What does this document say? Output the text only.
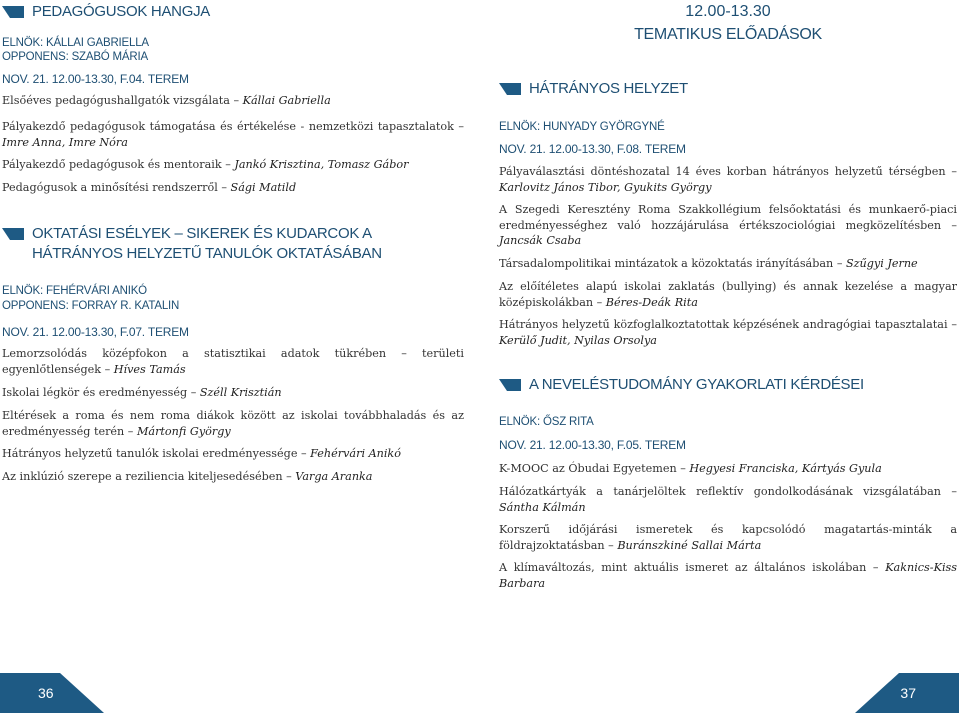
PEDAGÓGUSOK HANGJA
ELNÖK: KÁLLAI GABRIELLA
OPPONENS: SZABÓ MÁRIA
NOV. 21. 12.00-13.30, F.04. TEREM

Elsőéves pedagógushallgatók vizsgálata – Kállai Gabriella

Pályakezdő pedagógusok támogatása és értékelése - nemzetközi tapasztalatok – Imre Anna, Imre Nóra

Pályakezdő pedagógusok és mentoraik – Jankó Krisztina, Tomasz Gábor

Pedagógusok a minősítési rendszerről – Sági Matild

OKTATÁSI ESÉLYEK – SIKEREK ÉS KUDARCOK A HÁTRÁNYOS HELYZETŰ TANULÓK OKTATÁSÁBAN
ELNÖK: FEHÉRVÁRI ANIKÓ
OPPONENS: FORRAY R. KATALIN
NOV. 21. 12.00-13.30, F.07. TEREM

Lemorzsolódás középfokon a statisztikai adatok tükrében – területi egyenlőtlenségek – Híves Tamás

Iskolai légkör és eredményesség – Széll Krisztián

Eltérések a roma és nem roma diákok között az iskolai továbbhaladás és az eredményesség terén – Mártonfi György

Hátrányos helyzetű tanulók iskolai eredményessége – Fehérvári Anikó

Az inklúzió szerepe a reziliencia kiteljesedésében – Varga Aranka

12.00-13.30
TEMATIKUS ELŐADÁSOK
HÁTRÁNYOS HELYZET
ELNÖK: HUNYADY GYÖRGYNÉ
NOV. 21. 12.00-13.30, F.08. TEREM

Pályaválasztási döntéshozatal 14 éves korban hátrányos helyzetű térségben – Karlovitz János Tibor, Gyukits György

A Szegedi Keresztény Roma Szakkollégium felsőoktatási és munkaerő-piaci eredményességhez való hozzájárulása értékszociológiai megközelítésben – Jancsák Csaba

Társadalompolitikai mintázatok a közoktatás irányításában – Szűgyi Jerne

Az előítéletes alapú iskolai zaklatás (bullying) és annak kezelése a magyar középiskolákban – Béres-Deák Rita

Hátrányos helyzetű közfoglalkoztatottak képzésének andragógiai tapasztalatai – Kerülő Judit, Nyilas Orsolya

A NEVELÉSTUDOMÁNY GYAKORLATI KÉRDÉSEI
ELNÖK: ŐSZ RITA
NOV. 21. 12.00-13.30, F.05. TEREM

K-MOOC az Óbudai Egyetemen – Hegyesi Franciska, Kártyás Gyula

Hálózatkártyák a tanárjelöltek reflektív gondolkodásának vizsgálatában – Sántha Kálmán

Korszerű időjárási ismeretek és kapcsolódó magatartás-minták a földrajzoktatásban – Buránszkiné Sallai Márta

A klímaváltozás, mint aktuális ismeret az általános iskolában – Kaknics-Kiss Barbara

36	37
